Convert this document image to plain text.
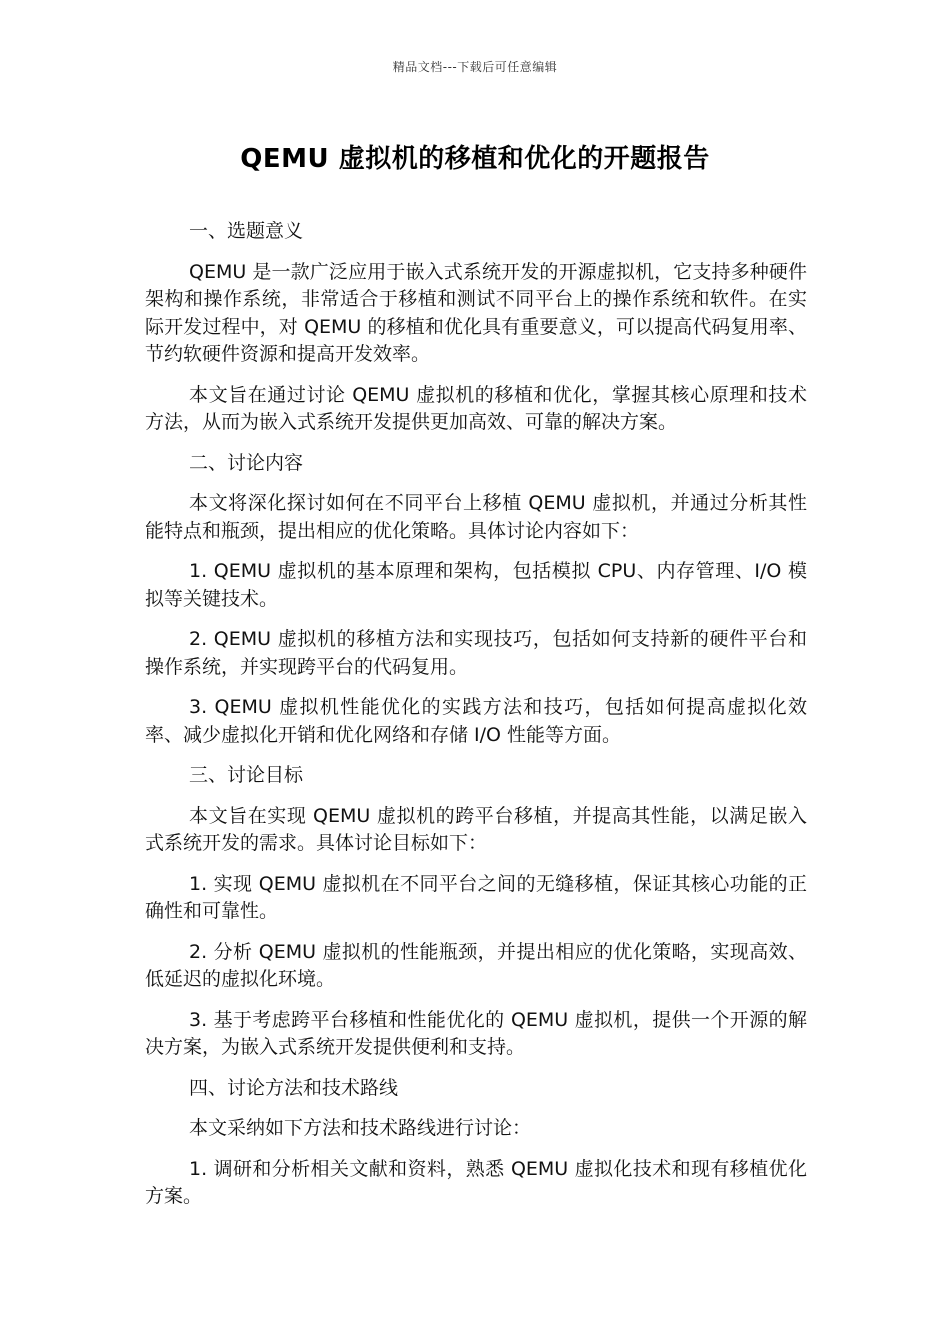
精品文档---下载后可任意编辑
QEMU 虚拟机的移植和优化的开题报告
一、选题意义

QEMU 是一款广泛应用于嵌入式系统开发的开源虚拟机，它支持多种硬件架构和操作系统，非常适合于移植和测试不同平台上的操作系统和软件。在实际开发过程中，对 QEMU 的移植和优化具有重要意义，可以提高代码复用率、节约软硬件资源和提高开发效率。

本文旨在通过讨论 QEMU 虚拟机的移植和优化，掌握其核心原理和技术方法，从而为嵌入式系统开发提供更加高效、可靠的解决方案。

二、讨论内容

本文将深化探讨如何在不同平台上移植 QEMU 虚拟机，并通过分析其性能特点和瓶颈，提出相应的优化策略。具体讨论内容如下：

1. QEMU 虚拟机的基本原理和架构，包括模拟 CPU、内存管理、I/O 模拟等关键技术。

2. QEMU 虚拟机的移植方法和实现技巧，包括如何支持新的硬件平台和操作系统，并实现跨平台的代码复用。

3. QEMU 虚拟机性能优化的实践方法和技巧，包括如何提高虚拟化效率、减少虚拟化开销和优化网络和存储 I/O 性能等方面。

三、讨论目标

本文旨在实现 QEMU 虚拟机的跨平台移植，并提高其性能，以满足嵌入式系统开发的需求。具体讨论目标如下：

1. 实现 QEMU 虚拟机在不同平台之间的无缝移植，保证其核心功能的正确性和可靠性。

2. 分析 QEMU 虚拟机的性能瓶颈，并提出相应的优化策略，实现高效、低延迟的虚拟化环境。

3. 基于考虑跨平台移植和性能优化的 QEMU 虚拟机，提供一个开源的解决方案，为嵌入式系统开发提供便利和支持。

四、讨论方法和技术路线

本文采纳如下方法和技术路线进行讨论：

1. 调研和分析相关文献和资料，熟悉 QEMU 虚拟化技术和现有移植优化方案。
